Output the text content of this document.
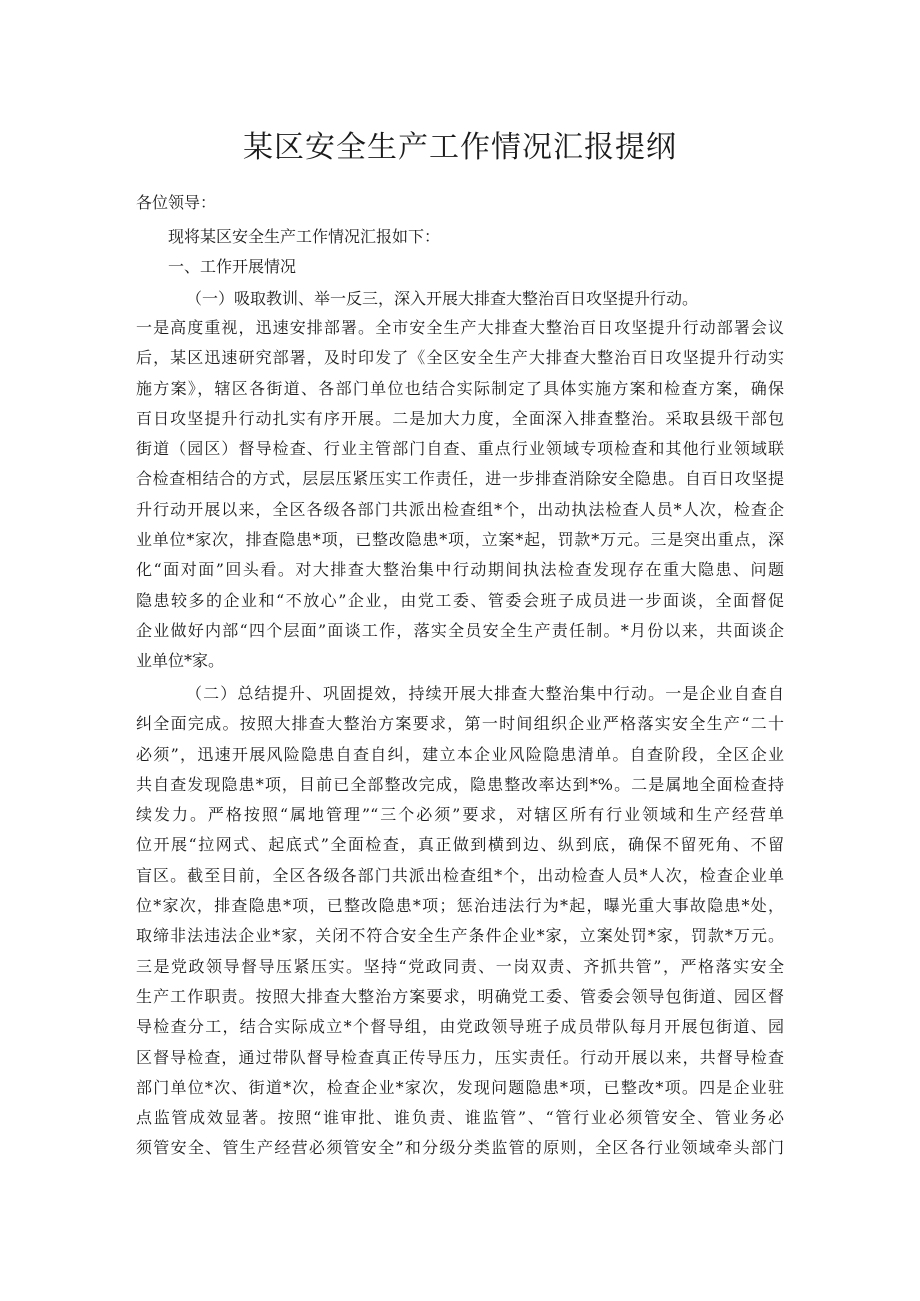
某区安全生产工作情况汇报提纲

各位领导：

现将某区安全生产工作情况汇报如下：

一、工作开展情况

（一）吸取教训、举一反三，深入开展大排查大整治百日攻坚提升行动。

一是高度重视，迅速安排部署。全市安全生产大排查大整治百日攻坚提升行动部署会议
后，某区迅速研究部署，及时印发了《全区安全生产大排查大整治百日攻坚提升行动实
施方案》，辖区各街道、各部门单位也结合实际制定了具体实施方案和检查方案，确保
百日攻坚提升行动扎实有序开展。二是加大力度，全面深入排查整治。采取县级干部包
街道（园区）督导检查、行业主管部门自查、重点行业领域专项检查和其他行业领域联
合检查相结合的方式，层层压紧压实工作责任，进一步排查消除安全隐患。自百日攻坚提
升行动开展以来，全区各级各部门共派出检查组*个，出动执法检查人员*人次，检查企
业单位*家次，排查隐患*项，已整改隐患*项，立案*起，罚款*万元。三是突出重点，深
化“面对面”回头看。对大排查大整治集中行动期间执法检查发现存在重大隐患、问题
隐患较多的企业和“不放心”企业，由党工委、管委会班子成员进一步面谈，全面督促
企业做好内部“四个层面”面谈工作，落实全员安全生产责任制。*月份以来，共面谈企
业单位*家。
（二）总结提升、巩固提效，持续开展大排查大整治集中行动。一是企业自查自
纠全面完成。按照大排查大整治方案要求，第一时间组织企业严格落实安全生产“二十
必须”，迅速开展风险隐患自查自纠，建立本企业风险隐患清单。自查阶段，全区企业
共自查发现隐患*项，目前已全部整改完成，隐患整改率达到*%。二是属地全面检查持
续发力。严格按照“属地管理”“三个必须”要求，对辖区所有行业领域和生产经营单
位开展“拉网式、起底式”全面检查，真正做到横到边、纵到底，确保不留死角、不留
盲区。截至目前，全区各级各部门共派出检查组*个，出动检查人员*人次，检查企业单
位*家次，排查隐患*项，已整改隐患*项；惩治违法行为*起，曝光重大事故隐患*处，
取缔非法违法企业*家，关闭不符合安全生产条件企业*家，立案处罚*家，罚款*万元。
三是党政领导督导压紧压实。坚持“党政同责、一岗双责、齐抓共管”，严格落实安全
生产工作职责。按照大排查大整治方案要求，明确党工委、管委会领导包街道、园区督
导检查分工，结合实际成立*个督导组，由党政领导班子成员带队每月开展包街道、园
区督导检查，通过带队督导检查真正传导压力，压实责任。行动开展以来，共督导检查
部门单位*次、街道*次，检查企业*家次，发现问题隐患*项，已整改*项。四是企业驻
点监管成效显著。按照“谁审批、谁负责、谁监管”、“管行业必须管安全、管业务必
须管安全、管生产经营必须管安全”和分级分类监管的原则，全区各行业领域牵头部门
